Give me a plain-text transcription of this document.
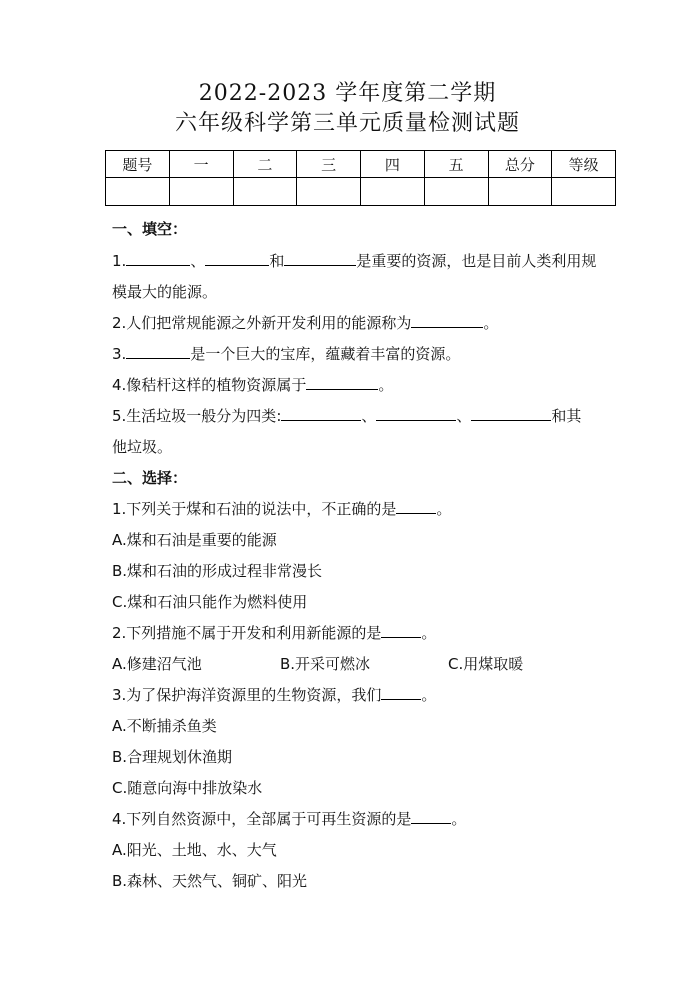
2022-2023 学年度第二学期
六年级科学第三单元质量检测试题
题号	一	二	三	四	五	总分	等级

一、填空：
1.	、	和	是重要的资源，也是目前人类利用规
模最大的能源。
2.人们把常规能源之外新开发利用的能源称为	。
3.	是一个巨大的宝库，蕴藏着丰富的资源。
4.像秸杆这样的植物资源属于	。
5.生活垃圾一般分为四类:	、	、	和其
他垃圾。
二、选择：
1.下列关于煤和石油的说法中，不正确的是	。
A.煤和石油是重要的能源
B.煤和石油的形成过程非常漫长
C.煤和石油只能作为燃料使用
2.下列措施不属于开发和利用新能源的是	。
A.修建沼气池	B.开采可燃冰	C.用煤取暖
3.为了保护海洋资源里的生物资源，我们	。
A.不断捕杀鱼类
B.合理规划休渔期
C.随意向海中排放染水
4.下列自然资源中，全部属于可再生资源的是	。
A.阳光、土地、水、大气
B.森林、天然气、铜矿、阳光
